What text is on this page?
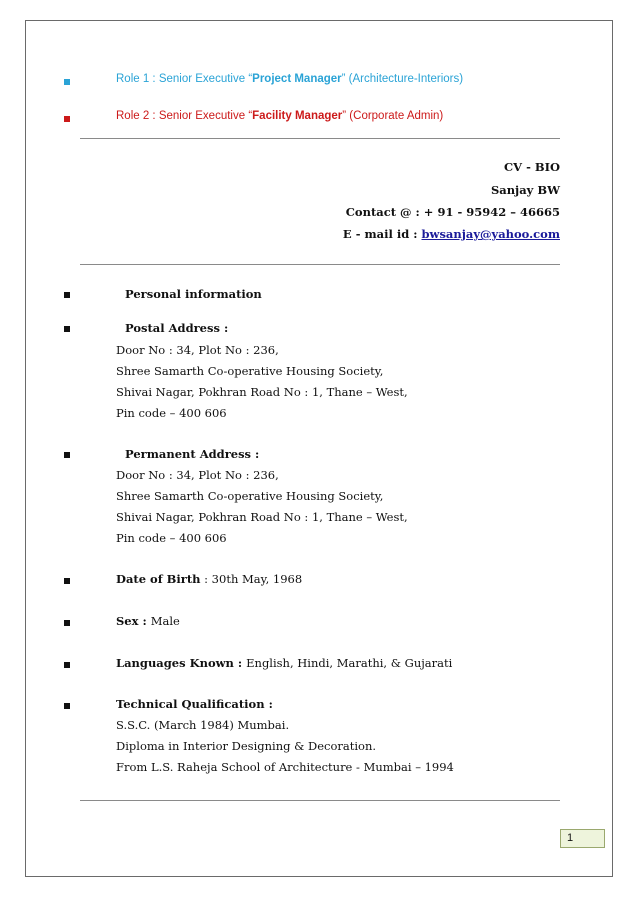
Role 1 : Senior Executive “Project Manager” (Architecture-Interiors)
Role 2 : Senior Executive “Facility Manager” (Corporate Admin)
CV - BIO
Sanjay BW
Contact @ : + 91 - 95942 – 46665
E - mail id : bwsanjay@yahoo.com
Personal information
Postal Address :
Door No : 34, Plot No : 236,
Shree Samarth Co-operative Housing Society,
Shivai Nagar, Pokhran Road No : 1, Thane – West,
Pin code – 400 606
Permanent Address :
Door No : 34, Plot No : 236,
Shree Samarth Co-operative Housing Society,
Shivai Nagar, Pokhran Road No : 1, Thane – West,
Pin code – 400 606
Date of Birth : 30th May, 1968
Sex : Male
Languages Known : English, Hindi, Marathi, & Gujarati
Technical Qualification :
S.S.C. (March 1984) Mumbai.
Diploma in Interior Designing & Decoration.
From L.S. Raheja School of Architecture - Mumbai – 1994
1
